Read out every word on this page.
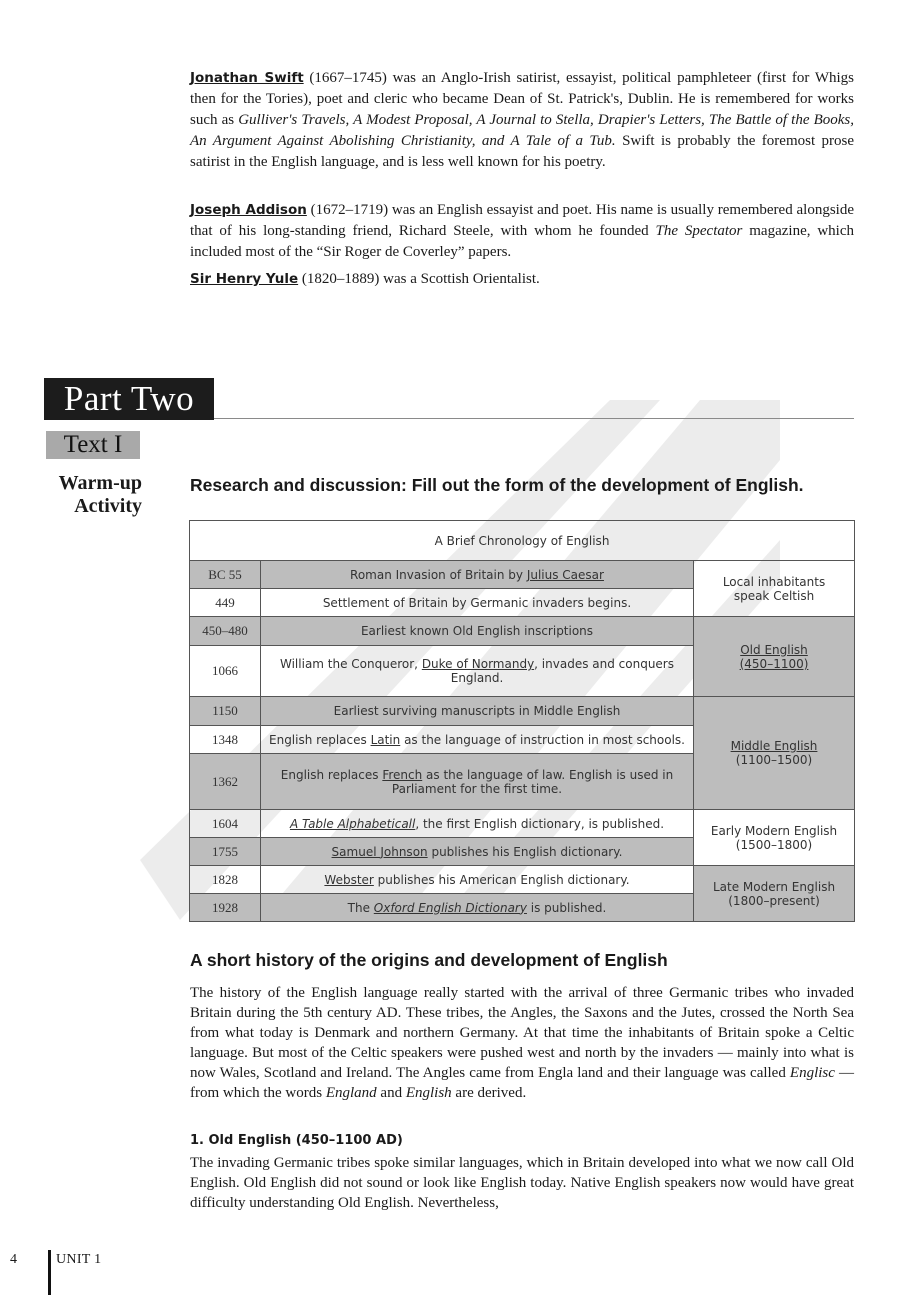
Jonathan Swift (1667–1745) was an Anglo-Irish satirist, essayist, political pamphleteer (first for Whigs then for the Tories), poet and cleric who became Dean of St. Patrick's, Dublin. He is remembered for works such as Gulliver's Travels, A Modest Proposal, A Journal to Stella, Drapier's Letters, The Battle of the Books, An Argument Against Abolishing Christianity, and A Tale of a Tub. Swift is probably the foremost prose satirist in the English language, and is less well known for his poetry.

Joseph Addison (1672–1719) was an English essayist and poet. His name is usually remembered alongside that of his long-standing friend, Richard Steele, with whom he founded The Spectator magazine, which included most of the “Sir Roger de Coverley” papers.

Sir Henry Yule (1820–1889) was a Scottish Orientalist.

Part Two
Text I
Warm-up
Activity
Research and discussion: Fill out the form of the development of English.
A Brief Chronology of English		
BC 55	Roman Invasion of Britain by Julius Caesar	Local inhabitants
speak Celtish

449	Settlement of Britain by Germanic invaders begins.	
450–480	Earliest known Old English inscriptions	Old English
(450–1100)

1066	William the Conqueror, Duke of Normandy, invades and conquers England.	
1150	Earliest surviving manuscripts in Middle English	Middle English
(1100–1500)

1348	English replaces Latin as the language of instruction in most schools.	
1362	English replaces French as the language of law. English is used in Parliament for the first time.	
1604	A Table Alphabeticall, the first English dictionary, is published.	Early Modern English
(1500–1800)

1755	Samuel Johnson publishes his English dictionary.	
1828	Webster publishes his American English dictionary.	Late Modern English
(1800–present)

1928	The Oxford English Dictionary is published.	
A short history of the origins and development of English

The history of the English language really started with the arrival of three Germanic tribes who invaded Britain during the 5th century AD. These tribes, the Angles, the Saxons and the Jutes, crossed the North Sea from what today is Denmark and northern Germany. At that time the inhabitants of Britain spoke a Celtic language. But most of the Celtic speakers were pushed west and north by the invaders — mainly into what is now Wales, Scotland and Ireland. The Angles came from Engla land and their language was called Englisc — from which the words England and English are derived.

1. Old English (450–1100 AD)

The invading Germanic tribes spoke similar languages, which in Britain developed into what we now call Old English. Old English did not sound or look like English today. Native English speakers now would have great difficulty understanding Old English. Nevertheless,

4	UNIT 1
